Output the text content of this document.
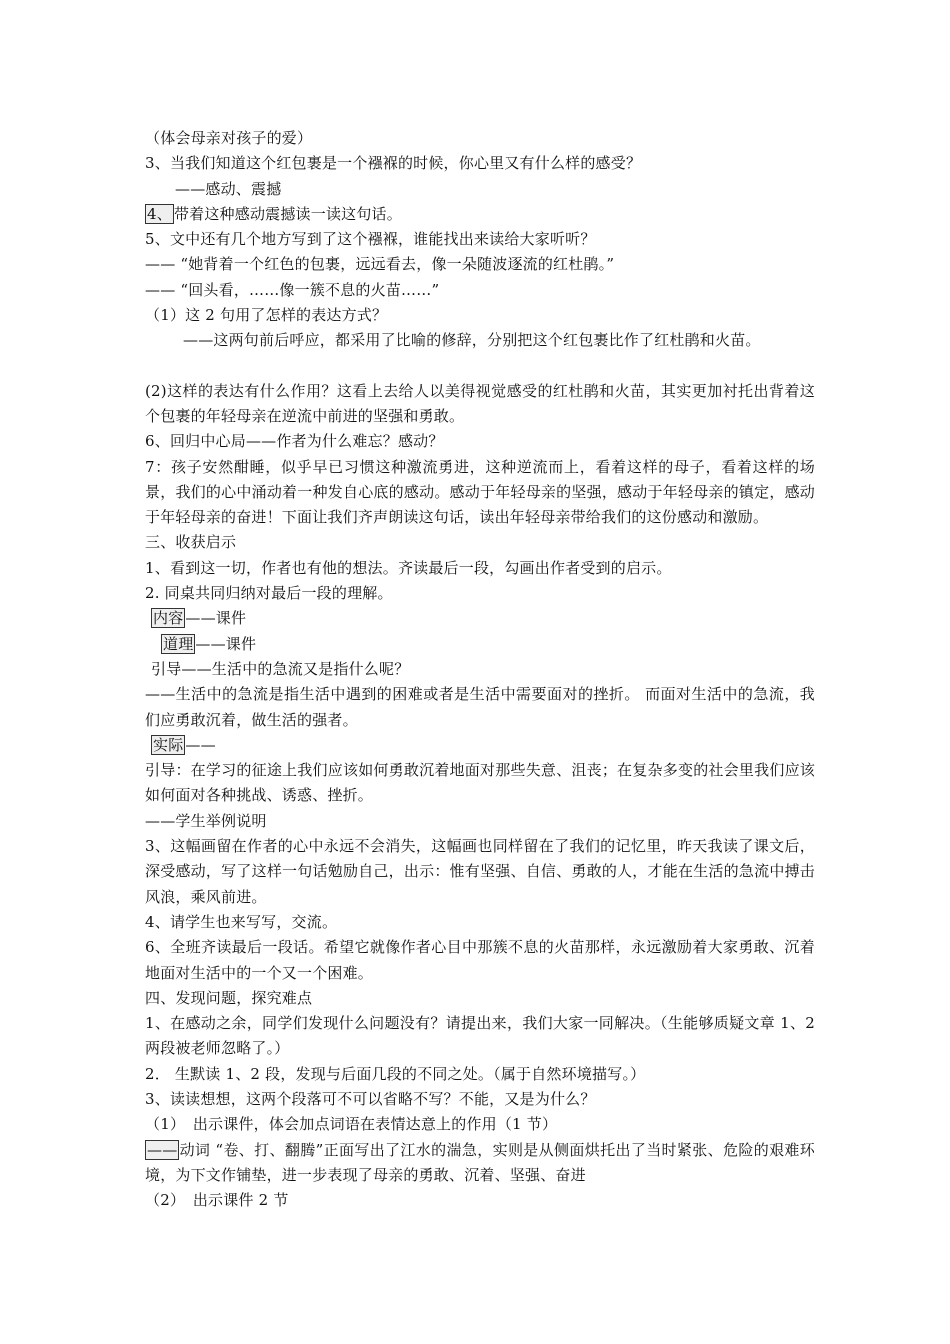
（体会母亲对孩子的爱）
3、当我们知道这个红包裹是一个襁褓的时候，你心里又有什么样的感受？
——感动、震撼
4、 带着这种感动震撼读一读这句话。
5、文中还有几个地方写到了这个襁褓，谁能找出来读给大家听听？
—— “她背着一个红色的包裹，远远看去，像一朵随波逐流的红杜鹃。”
—— “回头看，……像一簇不息的火苗……”
（1）这 2 句用了怎样的表达方式？
——这两句前后呼应，都采用了比喻的修辞，分别把这个红包裹比作了红杜鹃和火苗。
(2)这样的表达有什么作用？这看上去给人以美得视觉感受的红杜鹃和火苗，其实更加衬托出背着这个包裹的年轻母亲在逆流中前进的坚强和勇敢。
6、回归中心局——作者为什么难忘？感动？
7：孩子安然酣睡，似乎早已习惯这种激流勇进，这种逆流而上，看着这样的母子，看着这样的场景，我们的心中涌动着一种发自心底的感动。感动于年轻母亲的坚强，感动于年轻母亲的镇定，感动于年轻母亲的奋进！下面让我们齐声朗读这句话，读出年轻母亲带给我们的这份感动和激励。
三、收获启示
1、看到这一切，作者也有他的想法。齐读最后一段，勾画出作者受到的启示。
2. 同桌共同归纳对最后一段的理解。
内容 ——课件
道理 ——课件
引导——生活中的急流又是指什么呢？
——生活中的急流是指生活中遇到的困难或者是生活中需要面对的挫折。 而面对生活中的急流，我们应勇敢沉着，做生活的强者。
实际 ——
引导：在学习的征途上我们应该如何勇敢沉着地面对那些失意、沮丧；在复杂多变的社会里我们应该如何面对各种挑战、诱惑、挫折。
——学生举例说明
3、这幅画留在作者的心中永远不会消失，这幅画也同样留在了我们的记忆里，昨天我读了课文后，深受感动，写了这样一句话勉励自己，出示：惟有坚强、自信、勇敢的人，才能在生活的急流中搏击风浪，乘风前进。
4、请学生也来写写，交流。
6、全班齐读最后一段话。希望它就像作者心目中那簇不息的火苗那样，永远激励着大家勇敢、沉着地面对生活中的一个又一个困难。
四、发现问题，探究难点
1、在感动之余，同学们发现什么问题没有？请提出来，我们大家一同解决。（生能够质疑文章 1、2 两段被老师忽略了。）
2． 生默读 1、2 段，发现与后面几段的不同之处。（属于自然环境描写。）
3、读读想想，这两个段落可不可以省略不写？不能，又是为什么？
（1）　出示课件，体会加点词语在表情达意上的作用（1 节）
—— 动词 “卷、打、翻腾”正面写出了江水的湍急，实则是从侧面烘托出了当时紧张、危险的艰难环境，为下文作铺垫，进一步表现了母亲的勇敢、沉着、坚强、奋进
（2）　出示课件 2 节
